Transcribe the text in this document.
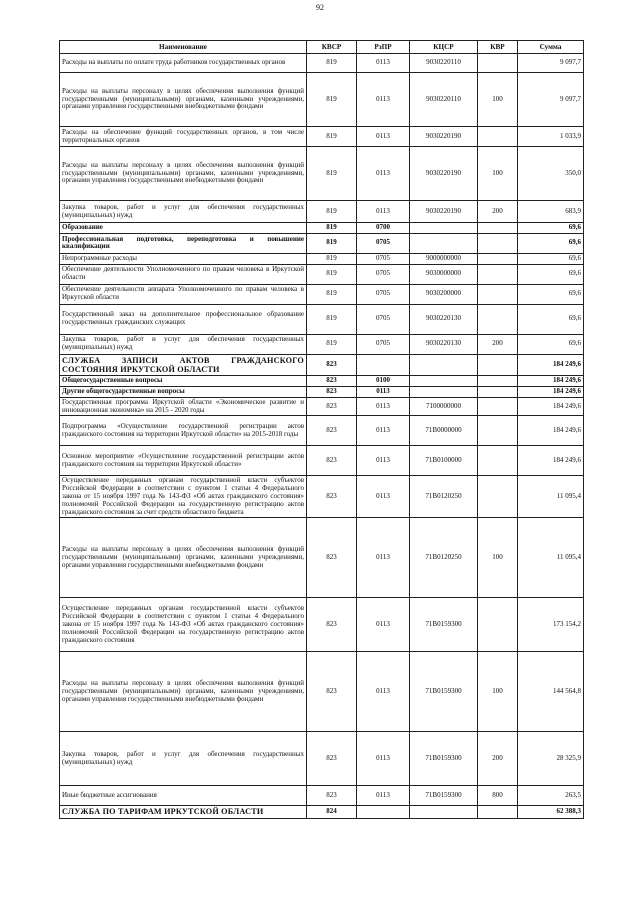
92
Наименование	КВСР	РзПР	КЦСР	КВР	Сумма
Расходы на выплаты по оплате труда работников государственных органов	819	0113	9030220110		9 097,7
Расходы на выплаты персоналу в целях обеспечения выполнения функций государственными (муниципальными) органами, казенными учреждениями, органами управления государственными внебюджетными фондами	819	0113	9030220110	100	9 097,7
Расходы на обеспечение функций государственных органов, в том числе территориальных органов	819	0113	9030220190		1 033,9
Расходы на выплаты персоналу в целях обеспечения выполнения функций государственными (муниципальными) органами, казенными учреждениями, органами управления государственными внебюджетными фондами	819	0113	9030220190	100	350,0
Закупка товаров, работ и услуг для обеспечения государственных (муниципальных) нужд	819	0113	9030220190	200	683,9
Образование	819	0700			69,6
Профессиональная подготовка, переподготовка и повышение квалификации	819	0705			69,6
Непрограммные расходы	819	0705	9000000000		69,6
Обеспечение деятельности Уполномоченного по правам человека в Иркутской области	819	0705	9030000000		69,6
Обеспечение деятельности аппарата Уполномоченного по правам человека в Иркутской области	819	0705	9030200000		69,6
Государственный заказ на дополнительное профессиональное образование государственных гражданских служащих	819	0705	9030220130		69,6
Закупка товаров, работ и услуг для обеспечения государственных (муниципальных) нужд	819	0705	9030220130	200	69,6
СЛУЖБА ЗАПИСИ АКТОВ ГРАЖДАНСКОГО СОСТОЯНИЯ ИРКУТСКОЙ ОБЛАСТИ	823				184 249,6
Общегосударственные вопросы	823	0100			184 249,6
Другие общегосударственные вопросы	823	0113			184 249,6
Государственная программа Иркутской области «Экономическое развитие и инновационная экономика» на 2015 - 2020 годы	823	0113	7100000000		184 249,6
Подпрограмма «Осуществление государственной регистрации актов гражданского состояния на территории Иркутской области» на 2015-2018 годы	823	0113	71В0000000		184 249,6
Основное мероприятие «Осуществление государственной регистрации актов гражданского состояния на территории Иркутской области»	823	0113	71В0100000		184 249,6
Осуществление переданных органам государственной власти субъектов Российской Федерации в соответствии с пунктом 1 статьи 4 Федерального закона от 15 ноября 1997 года № 143-ФЗ «Об актах гражданского состояния» полномочий Российской Федерации на государственную регистрацию актов гражданского состояния за счет средств областного бюджета	823	0113	71В0120250		11 095,4
Расходы на выплаты персоналу в целях обеспечения выполнения функций государственными (муниципальными) органами, казенными учреждениями, органами управления государственными внебюджетными фондами	823	0113	71В0120250	100	11 095,4
Осуществление переданных органам государственной власти субъектов Российской Федерации в соответствии с пунктом 1 статьи 4 Федерального закона от 15 ноября 1997 года № 143-ФЗ «Об актах гражданского состояния» полномочий Российской Федерации на государственную регистрацию актов гражданского состояния	823	0113	71В0159300		173 154,2
Расходы на выплаты персоналу в целях обеспечения выполнения функций государственными (муниципальными) органами, казенными учреждениями, органами управления государственными внебюджетными фондами	823	0113	71В0159300	100	144 564,8
Закупка товаров, работ и услуг для обеспечения государственных (муниципальных) нужд	823	0113	71В0159300	200	28 325,9
Иные бюджетные ассигнования	823	0113	71В0159300	800	263,5
СЛУЖБА ПО ТАРИФАМ ИРКУТСКОЙ ОБЛАСТИ	824				62 388,3
